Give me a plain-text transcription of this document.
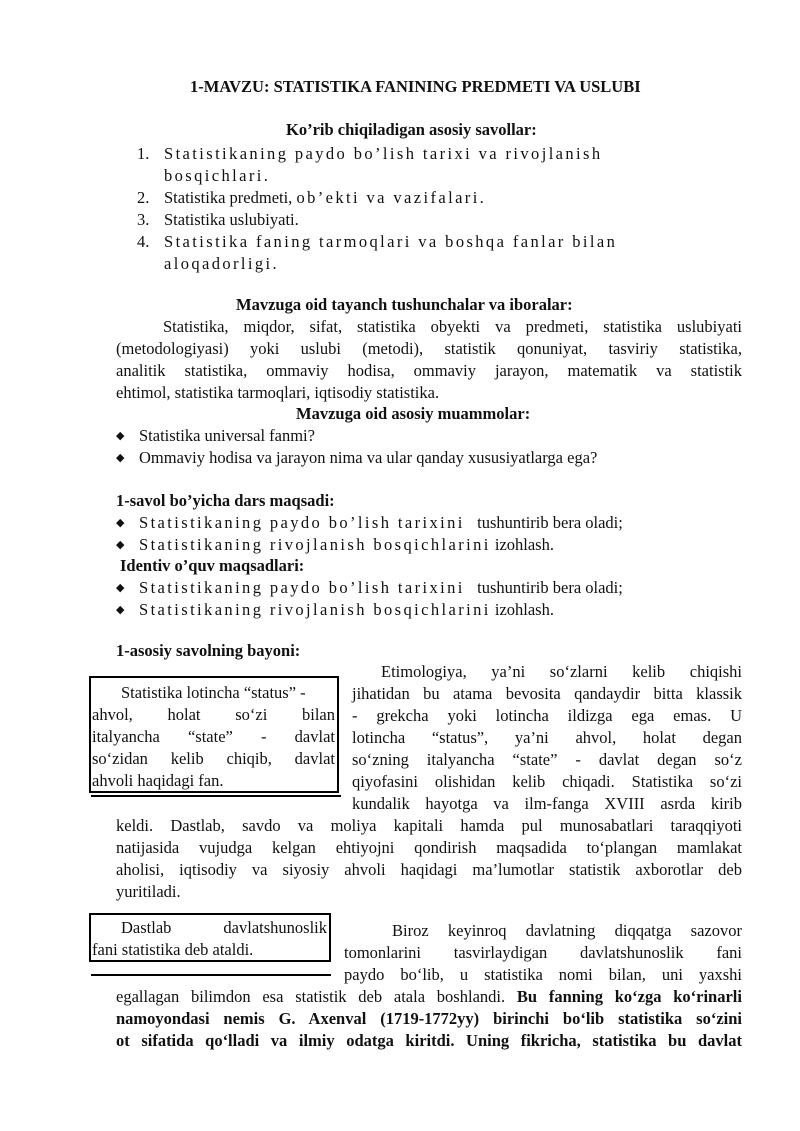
1-MAVZU: STATISTIKA FANINING PREDMETI VA USLUBI
Ko’rib chiqiladigan asosiy savollar:
1. Statistikaning paydo bo’lish tarixi va rivojlanish
bosqichlari.
2. Statistika predmeti, ob’ekti va vazifalari.
3. Statistika uslubiyati.
4. Statistika faning tarmoqlari va boshqa fanlar bilan
aloqadorligi.
Mavzuga oid tayanch tushunchalar va iboralar:
Statistika, miqdor, sifat, statistika obyekti va predmeti, statistika uslubiyati
(metodologiyasi) yoki uslubi (metodi), statistik qonuniyat, tasviriy statistika,
analitik statistika, ommaviy hodisa, ommaviy jarayon, matematik va statistik
ehtimol, statistika tarmoqlari, iqtisodiy statistika.
Mavzuga oid asosiy muammolar:
◆ Statistika universal fanmi?
◆ Ommaviy hodisa va jarayon nima va ular qanday xususiyatlarga ega?
1-savol bo’yicha dars maqsadi:
◆ Statistikaning paydo bo’lish tarixini tushuntirib bera oladi;
◆ Statistikaning rivojlanish bosqichlarini izohlash.
Identiv o’quv maqsadlari:
◆ Statistikaning paydo bo’lish tarixini tushuntirib bera oladi;
◆ Statistikaning rivojlanish bosqichlarini izohlash.
1-asosiy savolning bayoni:
Statistika lotincha “status” -
ahvol, holat so‘zi bilan
italyancha “state” - davlat
so‘zidan kelib chiqib, davlat
ahvoli haqidagi fan.
Etimologiya, ya’ni so‘zlarni kelib chiqishi
jihatidan bu atama bevosita qandaydir bitta klassik
- grekcha yoki lotincha ildizga ega emas. U
lotincha “status”, ya’ni ahvol, holat degan
so‘zning italyancha “state” - davlat degan so‘z
qiyofasini olishidan kelib chiqadi. Statistika so‘zi
kundalik hayotga va ilm-fanga XVIII asrda kirib
keldi. Dastlab, savdo va moliya kapitali hamda pul munosabatlari taraqqiyoti
natijasida vujudga kelgan ehtiyojni qondirish maqsadida to‘plangan mamlakat
aholisi, iqtisodiy va siyosiy ahvoli haqidagi ma’lumotlar statistik axborotlar deb
yuritiladi.
Dastlab davlatshunoslik
fani statistika deb ataldi.
Biroz keyinroq davlatning diqqatga sazovor
tomonlarini tasvirlaydigan davlatshunoslik fani
paydo bo‘lib, u statistika nomi bilan, uni yaxshi
egallagan bilimdon esa statistik deb atala boshlandi. Bu fanning ko‘zga ko‘rinarli
namoyondasi nemis G. Axenval (1719-1772yy) birinchi bo‘lib statistika so‘zini
ot sifatida qo‘lladi va ilmiy odatga kiritdi. Uning fikricha, statistika bu davlat
